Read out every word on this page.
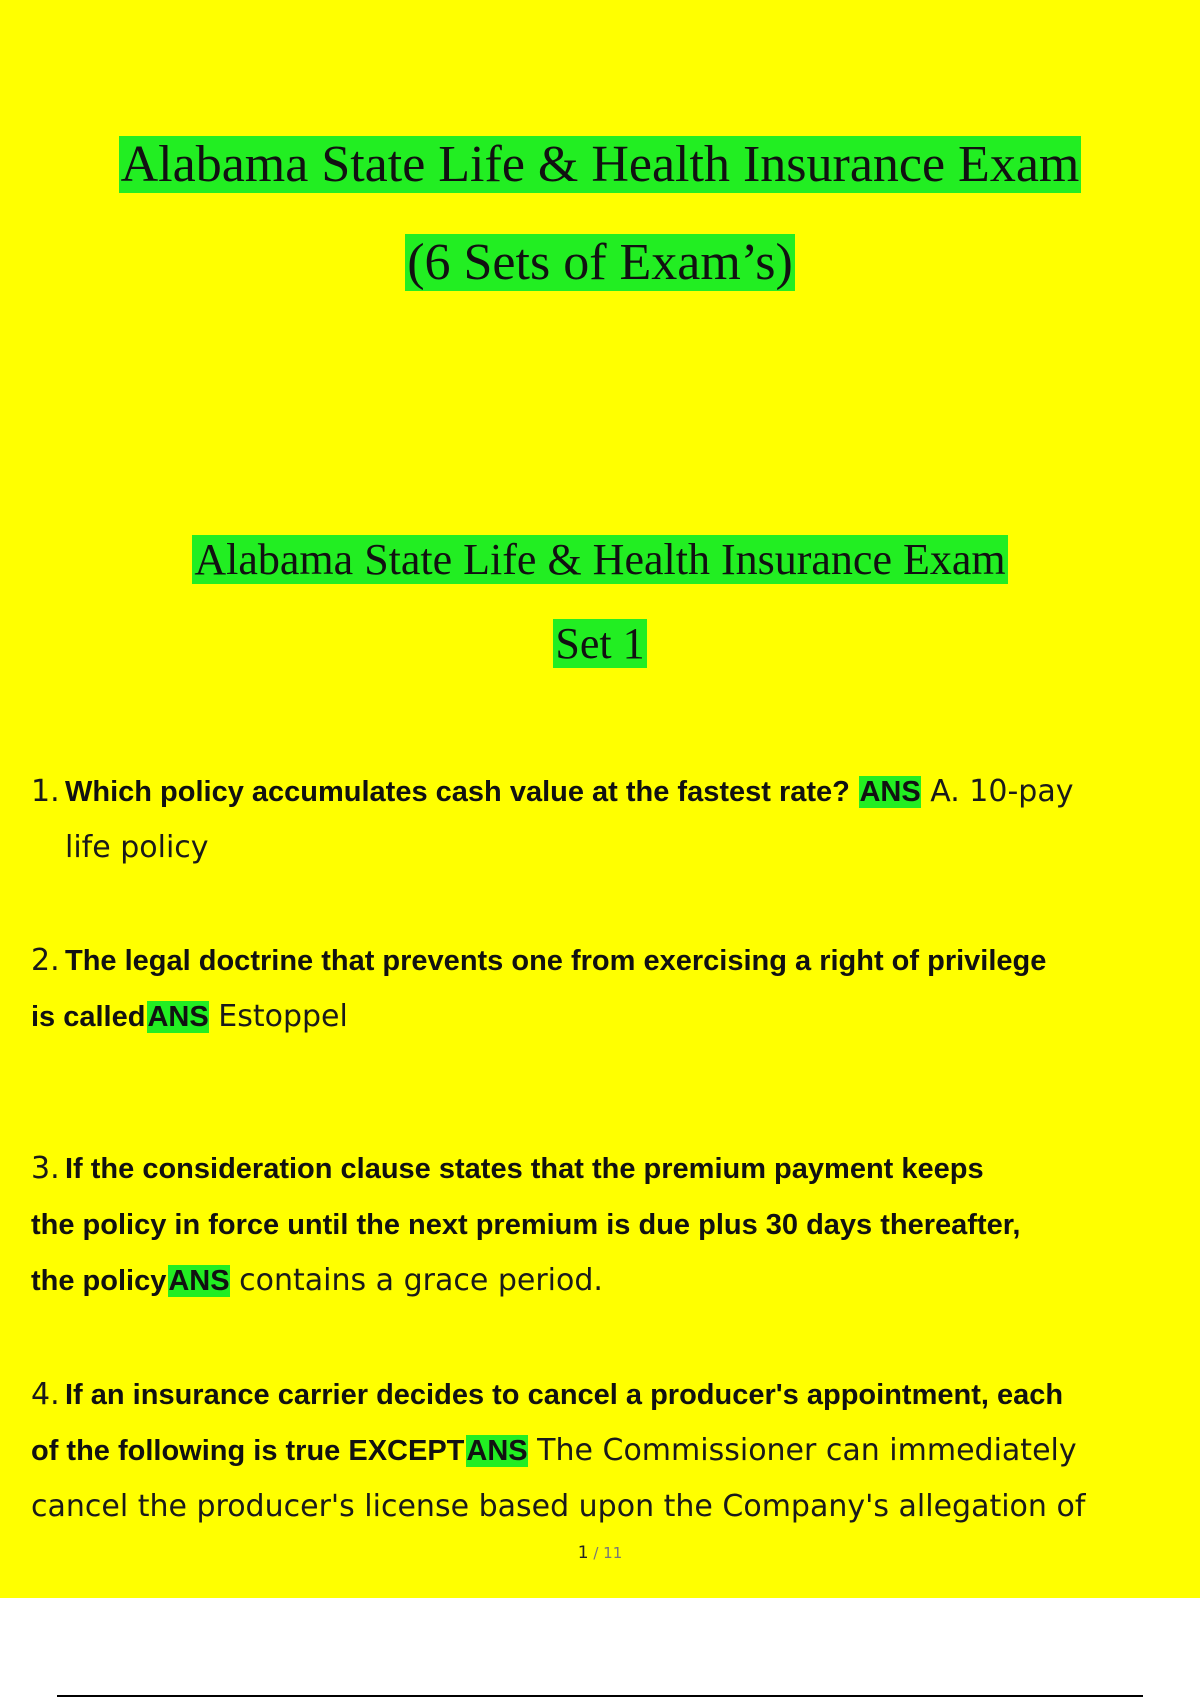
Alabama State Life & Health Insurance Exam
(6 Sets of Exam’s)
Alabama State Life & Health Insurance Exam
Set 1
1. Which policy accumulates cash value at the fastest rate? ANS A. 10-pay
life policy
2. The legal doctrine that prevents one from exercising a right of privilege
is calledANS Estoppel
3. If the consideration clause states that the premium payment keeps
the policy in force until the next premium is due plus 30 days thereafter,
the policyANS contains a grace period.
4. If an insurance carrier decides to cancel a producer's appointment, each
of the following is true EXCEPTANS The Commissioner can immediately
cancel the producer's license based upon the Company's allegation of
1 / 11
